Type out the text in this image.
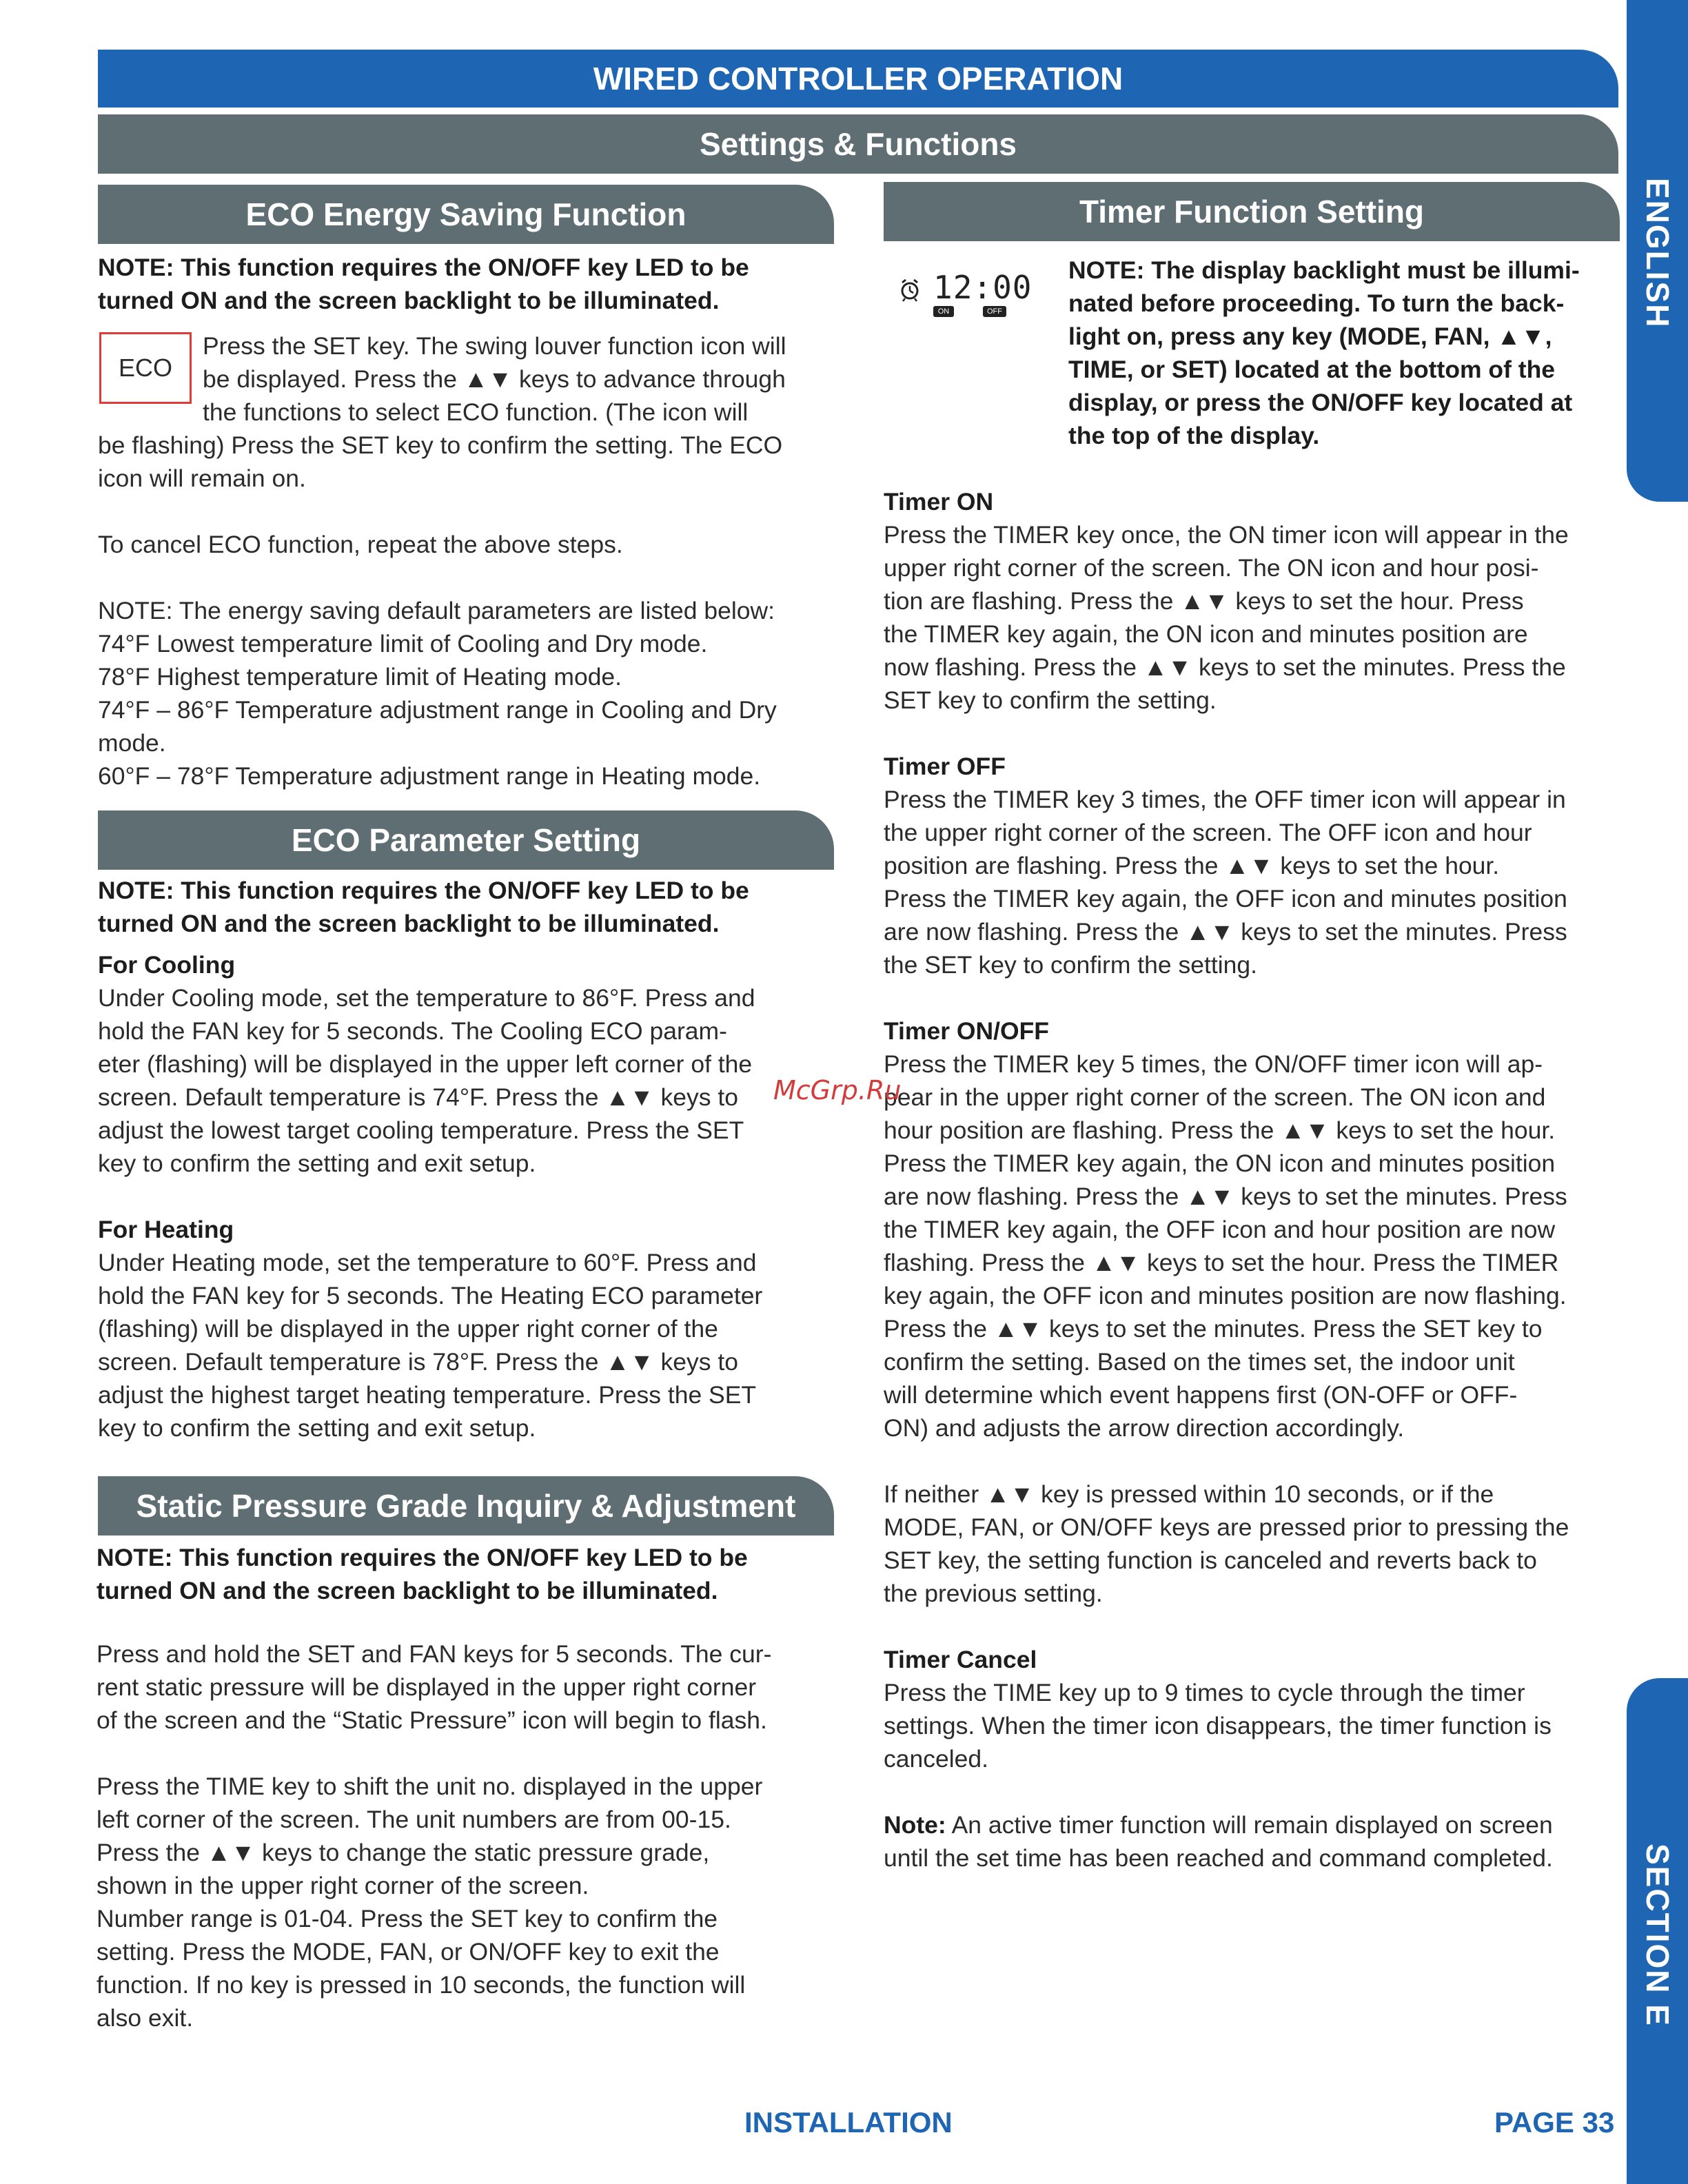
ENGLISH
SECTION E
WIRED CONTROLLER OPERATION
Settings & Functions
ECO Energy Saving Function

NOTE: This function requires the ON/OFF key LED to be

turned ON and the screen backlight to be illuminated.

ECO

Press the SET key. The swing louver function icon will

be displayed. Press the ▲▼ keys to advance through

the functions to select ECO function. (The icon will

be flashing) Press the SET key to confirm the setting. The ECO

icon will remain on.

To cancel ECO function, repeat the above steps.

NOTE: The energy saving default parameters are listed below:

74°F Lowest temperature limit of Cooling and Dry mode.

78°F Highest temperature limit of Heating mode.

74°F – 86°F Temperature adjustment range in Cooling and Dry

mode.

60°F – 78°F Temperature adjustment range in Heating mode.

ECO Parameter Setting

NOTE: This function requires the ON/OFF key LED to be

turned ON and the screen backlight to be illuminated.

For Cooling

Under Cooling mode, set the temperature to 86°F. Press and

hold the FAN key for 5 seconds. The Cooling ECO param-

eter (flashing) will be displayed in the upper left corner of the

screen. Default temperature is 74°F. Press the ▲▼ keys to

adjust the lowest target cooling temperature. Press the SET

key to confirm the setting and exit setup.

For Heating

Under Heating mode, set the temperature to 60°F. Press and

hold the FAN key for 5 seconds. The Heating ECO parameter

(flashing) will be displayed in the upper right corner of the

screen. Default temperature is 78°F. Press the ▲▼ keys to

adjust the highest target heating temperature. Press the SET

key to confirm the setting and exit setup.

Static Pressure Grade Inquiry & Adjustment

NOTE: This function requires the ON/OFF key LED to be

turned ON and the screen backlight to be illuminated.

Press and hold the SET and FAN keys for 5 seconds. The cur-

rent static pressure will be displayed in the upper right corner

of the screen and the “Static Pressure” icon will begin to flash.

Press the TIME key to shift the unit no. displayed in the upper

left corner of the screen. The unit numbers are from 00-15.

Press the ▲▼ keys to change the static pressure grade,

shown in the upper right corner of the screen.

Number range is 01-04. Press the SET key to confirm the

setting. Press the MODE, FAN, or ON/OFF key to exit the

function. If no key is pressed in 10 seconds, the function will

also exit.

Timer Function Setting
12:00
ON	OFF

NOTE: The display backlight must be illumi-

nated before proceeding. To turn the back-

light on, press any key (MODE, FAN, ▲▼,

TIME, or SET) located at the bottom of the

display, or press the ON/OFF key located at

the top of the display.

Timer ON

Press the TIMER key once, the ON timer icon will appear in the

upper right corner of the screen. The ON icon and hour posi-

tion are flashing. Press the ▲▼ keys to set the hour. Press

the TIMER key again, the ON icon and minutes position are

now flashing. Press the ▲▼ keys to set the minutes. Press the

SET key to confirm the setting.

Timer OFF

Press the TIMER key 3 times, the OFF timer icon will appear in

the upper right corner of the screen. The OFF icon and hour

position are flashing. Press the ▲▼ keys to set the hour.

Press the TIMER key again, the OFF icon and minutes position

are now flashing. Press the ▲▼ keys to set the minutes. Press

the SET key to confirm the setting.

Timer ON/OFF

Press the TIMER key 5 times, the ON/OFF timer icon will ap-

pear in the upper right corner of the screen. The ON icon and

hour position are flashing. Press the ▲▼ keys to set the hour.

Press the TIMER key again, the ON icon and minutes position

are now flashing. Press the ▲▼ keys to set the minutes. Press

the TIMER key again, the OFF icon and hour position are now

flashing. Press the ▲▼ keys to set the hour. Press the TIMER

key again, the OFF icon and minutes position are now flashing.

Press the ▲▼ keys to set the minutes. Press the SET key to

confirm the setting. Based on the times set, the indoor unit

will determine which event happens first (ON-OFF or OFF-

ON) and adjusts the arrow direction accordingly.

If neither ▲▼ key is pressed within 10 seconds, or if the

MODE, FAN, or ON/OFF keys are pressed prior to pressing the

SET key, the setting function is canceled and reverts back to

the previous setting.

Timer Cancel

Press the TIME key up to 9 times to cycle through the timer

settings. When the timer icon disappears, the timer function is

canceled.

Note: An active timer function will remain displayed on screen

until the set time has been reached and command completed.

McGrp.Ru
INSTALLATION	PAGE 33
